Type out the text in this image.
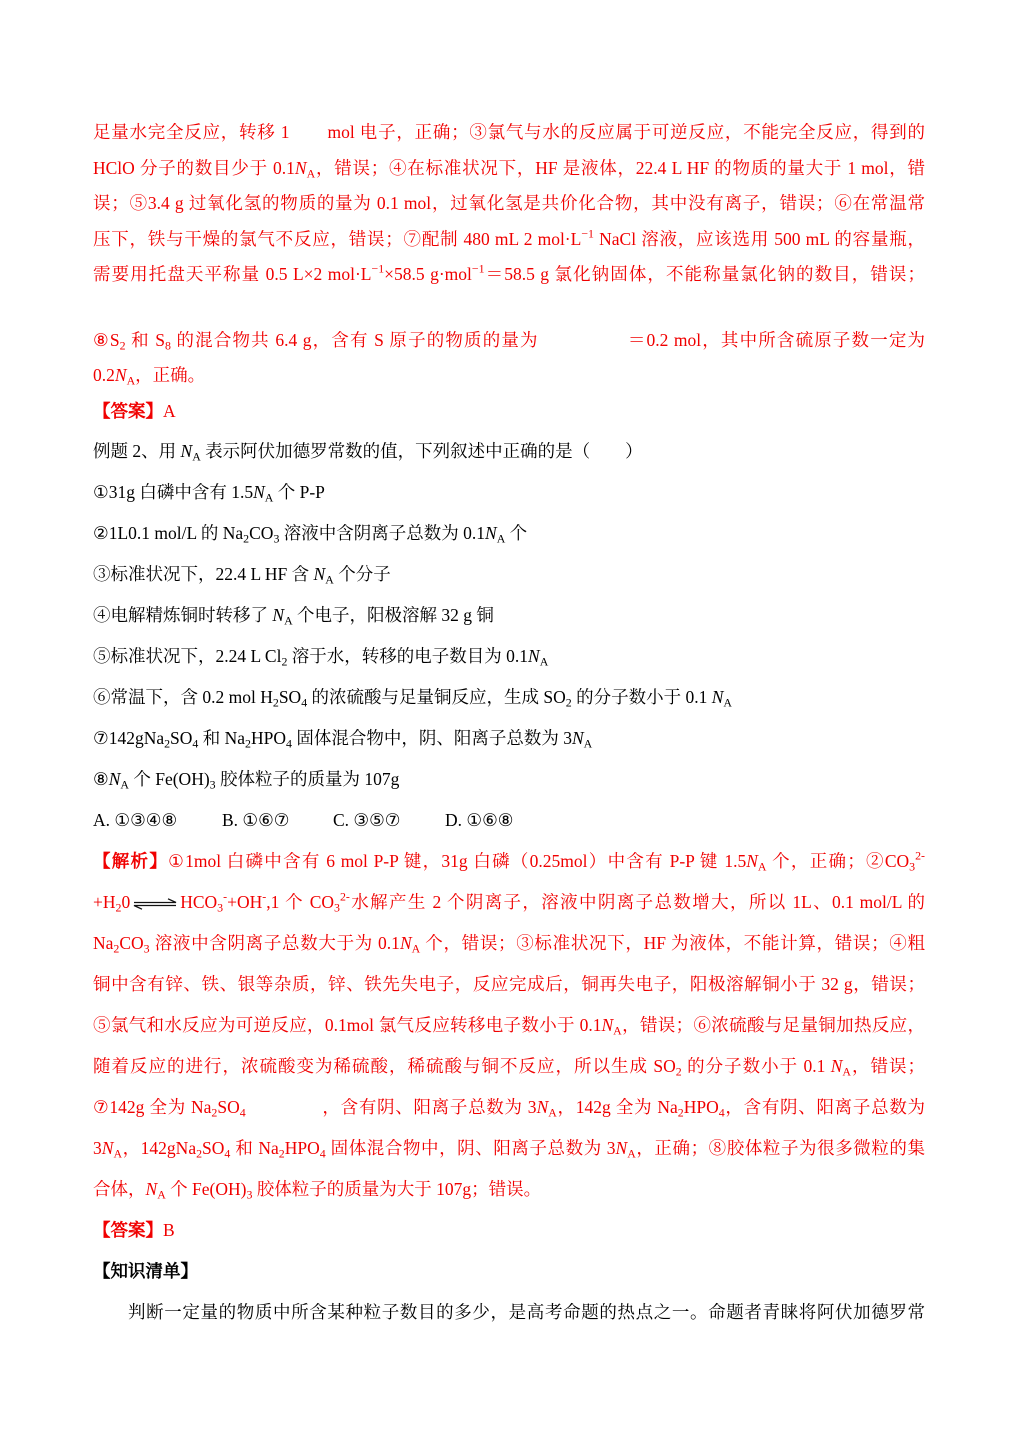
足量水完全反应，转移 1 mol 电子，正确；③氯气与水的反应属于可逆反应，不能完全反应，得到的
HClO 分子的数目少于 $0.1N_A$，错误；④在标准状况下，HF 是液体，22.4 L HF 的物质的量大于 1 mol，错
误；⑤3.4 g 过氧化氢的物质的量为 0.1 mol，过氧化氢是共价化合物，其中没有离子，错误；⑥在常温常
压下，铁与干燥的氯气不反应，错误；⑦配制 480 mL 2 $mol\cdot L^{-1}$ NaCl 溶液，应该选用 500 mL 的容量瓶，
需要用托盘天平称量 0.5 L×2 $mol\cdot L^{-1}\times 58.5$ g·mol$^{-1}$＝58.5 g 氯化钠固体，不能称量氯化钠的数目，错误；
$⑧S_2$ 和 $S_8$ 的混合物共 6.4 g，含有 S 原子的物质的量为	＝0.2 mol，其中所含硫原子数一定为
$0.2N_A$，正确。
【答案】A
例题 2、用 $N_A$ 表示阿伏加德罗常数的值，下列叙述中正确的是（　　）
①31g 白磷中含有 $1.5N_A$ 个 P-P
②1L0.1 mol/L 的 $Na_2CO_3$ 溶液中含阴离子总数为 $0.1N_A$ 个
③标准状况下，22.4 L HF 含 $N_A$ 个分子
④电解精炼铜时转移了 $N_A$ 个电子，阳极溶解 32 g 铜
⑤标准状况下，2.24 L $Cl_2$ 溶于水，转移的电子数目为 $0.1N_A$
⑥常温下，含 0.2 mol $H_2SO_4$ 的浓硫酸与足量铜反应，生成 $SO_2$ 的分子数小于 0.1 $N_A$
$⑦142gNa_2SO_4$ 和 $Na_2HPO_4$ 固体混合物中，阴、阳离子总数为 $3N_A$
$⑧N_A$ 个 $Fe(OH)_3$ 胶体粒子的质量为 107g
A. ①③④⑧	B. ①⑥⑦ C. ③⑤⑦	D. ①⑥⑧
【解析】①1mol 白磷中含有 6 mol P-P 键，31g 白磷（0.25mol）中含有 P-P 键 $1.5N_A$ 个，正确；$②CO_3^{2-}$
$+H_20$ ⇌ $HCO_3^-+OH^-,1$ 个 $CO_3^{2-}$水解产生 2 个阴离子，溶液中阴离子总数增大，所以 1L、0.1 mol/L 的
$Na_2CO_3$ 溶液中含阴离子总数大于为 $0.1N_A$ 个，错误；③标准状况下，HF 为液体，不能计算，错误；④粗
铜中含有锌、铁、银等杂质，锌、铁先失电子，反应完成后，铜再失电子，阳极溶解铜小于 32 g，错误；
⑤氯气和水反应为可逆反应，0.1mol 氯气反应转移电子数小于 $0.1N_A$，错误；⑥浓硫酸与足量铜加热反应，
随着反应的进行，浓硫酸变为稀硫酸，稀硫酸与铜不反应，所以生成 $SO_2$ 的分子数小于 0.1 $N_A$，错误；
⑦142g 全为 $Na_2SO_4$	，含有阴、阳离子总数为 $3N_A$，142g 全为 $Na_2HPO_4$，含有阴、阳离子总数为
$3N_A$，$142gNa_2SO_4$ 和 $Na_2HPO_4$ 固体混合物中，阴、阳离子总数为 $3N_A$，正确；⑧胶体粒子为很多微粒的集
合体，$N_A$ 个 $Fe(OH)_3$ 胶体粒子的质量为大于 107g；错误。
【答案】B
【知识清单】
判断一定量的物质中所含某种粒子数目的多少，是高考命题的热点之一。命题者青睐将阿伏加德罗常
